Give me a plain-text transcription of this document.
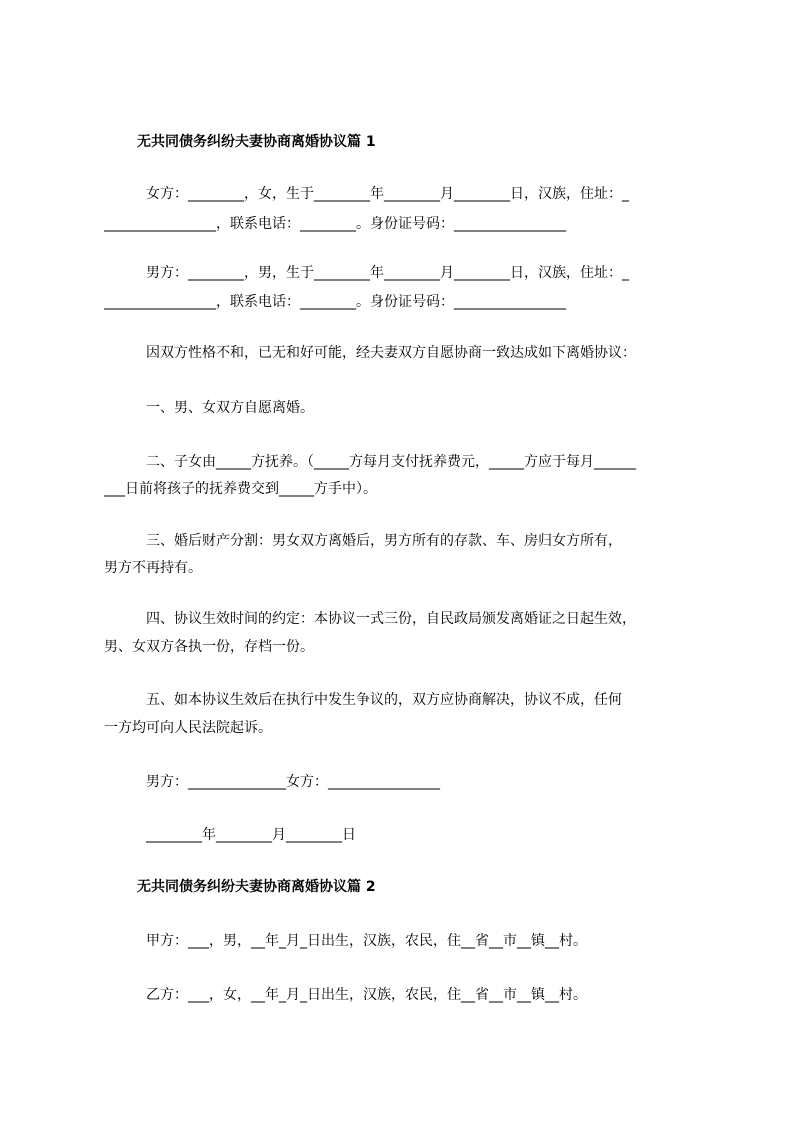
无共同债务纠纷夫妻协商离婚协议篇 1
女方：________，女，生于________年________月________日，汉族，住址：_
________________，联系电话：________。身份证号码：________________
男方：________，男，生于________年________月________日，汉族，住址：_
________________，联系电话：________。身份证号码：________________
因双方性格不和，已无和好可能，经夫妻双方自愿协商一致达成如下离婚协议：
一、男、女双方自愿离婚。
二、子女由_____方抚养。（_____方每月支付抚养费元，_____方应于每月______
___日前将孩子的抚养费交到_____方手中）。
三、婚后财产分割：男女双方离婚后，男方所有的存款、车、房归女方所有，
男方不再持有。
四、协议生效时间的约定：本协议一式三份，自民政局颁发离婚证之日起生效，
男、女双方各执一份，存档一份。
五、如本协议生效后在执行中发生争议的，双方应协商解决，协议不成，任何
一方均可向人民法院起诉。
男方：______________女方：________________
________年________月________日
无共同债务纠纷夫妻协商离婚协议篇 2
甲方：___，男，__年_月_日出生，汉族，农民，住__省__市__镇__村。
乙方：___，女，__年_月_日出生，汉族，农民，住__省__市__镇__村。
